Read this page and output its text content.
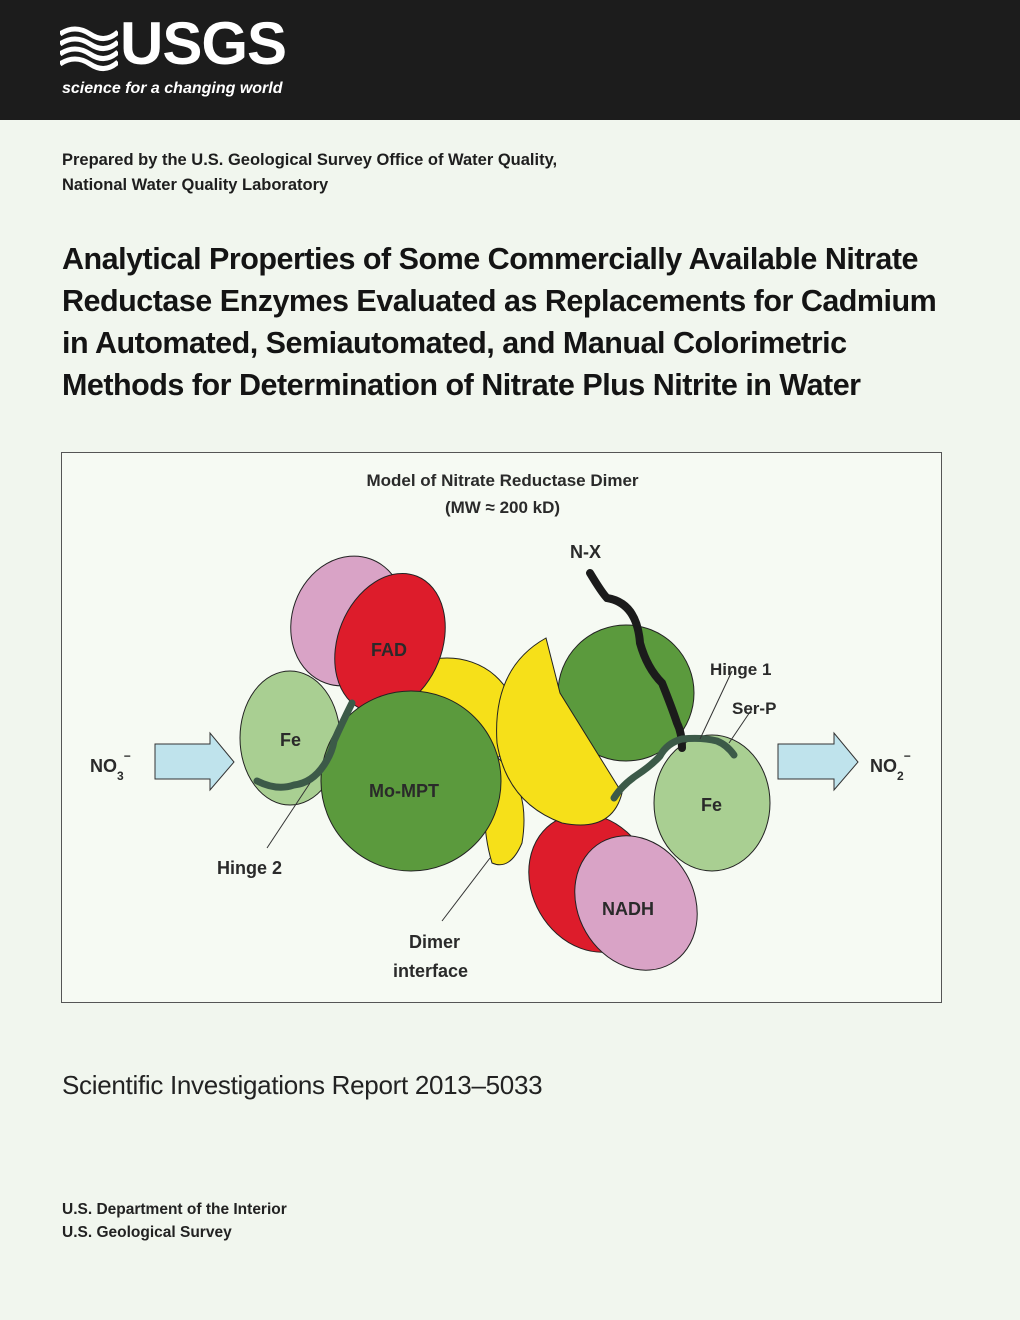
USGS
science for a changing world
Prepared by the U.S. Geological Survey Office of Water Quality,
National Water Quality Laboratory
Analytical Properties of Some Commercially Available Nitrate
Reductase Enzymes Evaluated as Replacements for Cadmium
in Automated, Semiautomated, and Manual Colorimetric
Methods for Determination of Nitrate Plus Nitrite in Water
Model of Nitrate Reductase Dimer
(MW ≈ 200 kD)
N-X
FAD
Hinge 1
Ser-P
Fe
Mo-MPT
Fe
Hinge 2
NADH
Dimer
interface
$NO_3^-$	$NO_2^-$
Scientific Investigations Report 2013–5033
U.S. Department of the Interior
U.S. Geological Survey
